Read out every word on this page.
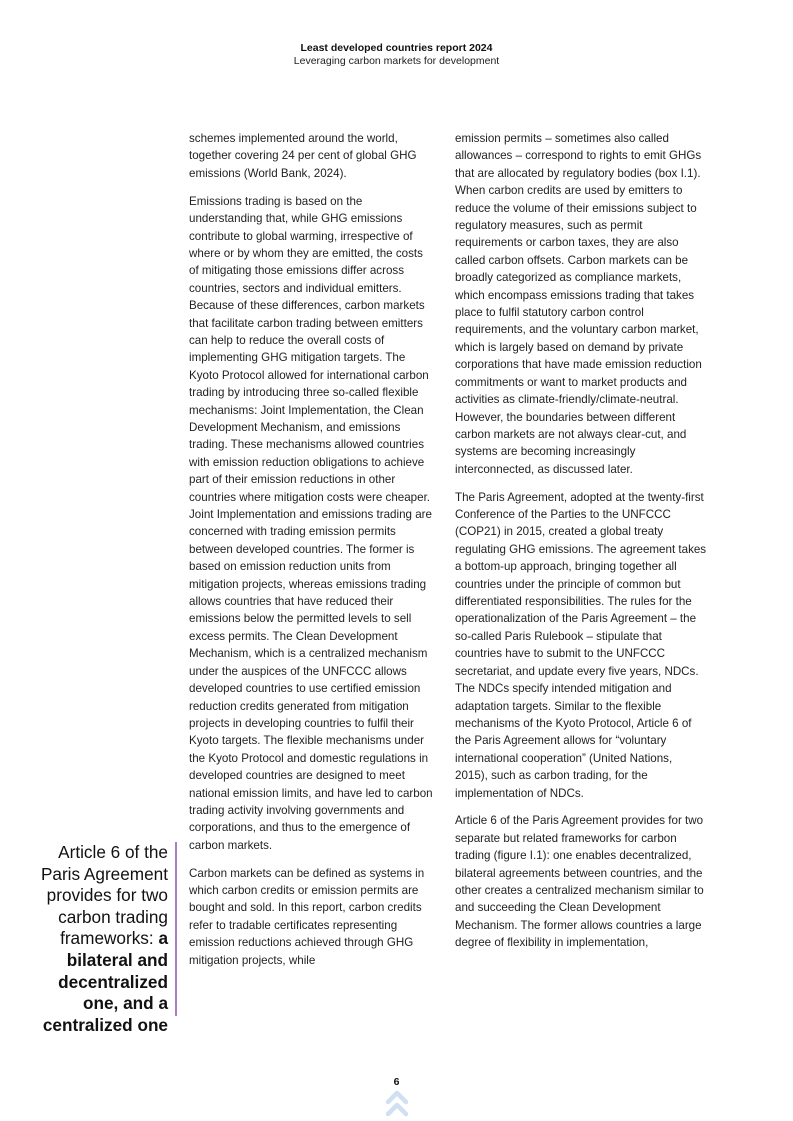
Least developed countries report 2024
Leveraging carbon markets for development

schemes implemented around the world, together covering 24 per cent of global GHG emissions (World Bank, 2024).

Emissions trading is based on the understanding that, while GHG emissions contribute to global warming, irrespective of where or by whom they are emitted, the costs of mitigating those emissions differ across countries, sectors and individual emitters. Because of these differences, carbon markets that facilitate carbon trading between emitters can help to reduce the overall costs of implementing GHG mitigation targets. The Kyoto Protocol allowed for international carbon trading by introducing three so-called flexible mechanisms: Joint Implementation, the Clean Development Mechanism, and emissions trading. These mechanisms allowed countries with emission reduction obligations to achieve part of their emission reductions in other countries where mitigation costs were cheaper. Joint Implementation and emissions trading are concerned with trading emission permits between developed countries. The former is based on emission reduction units from mitigation projects, whereas emissions trading allows countries that have reduced their emissions below the permitted levels to sell excess permits. The Clean Development Mechanism, which is a centralized mechanism under the auspices of the UNFCCC allows developed countries to use certified emission reduction credits generated from mitigation projects in developing countries to fulfil their Kyoto targets. The flexible mechanisms under the Kyoto Protocol and domestic regulations in developed countries are designed to meet national emission limits, and have led to carbon trading activity involving governments and corporations, and thus to the emergence of carbon markets.

Carbon markets can be defined as systems in which carbon credits or emission permits are bought and sold. In this report, carbon credits refer to tradable certificates representing emission reductions achieved through GHG mitigation projects, while

emission permits – sometimes also called allowances – correspond to rights to emit GHGs that are allocated by regulatory bodies (box I.1). When carbon credits are used by emitters to reduce the volume of their emissions subject to regulatory measures, such as permit requirements or carbon taxes, they are also called carbon offsets. Carbon markets can be broadly categorized as compliance markets, which encompass emissions trading that takes place to fulfil statutory carbon control requirements, and the voluntary carbon market, which is largely based on demand by private corporations that have made emission reduction commitments or want to market products and activities as climate-friendly/climate-neutral. However, the boundaries between different carbon markets are not always clear-cut, and systems are becoming increasingly interconnected, as discussed later.

The Paris Agreement, adopted at the twenty-first Conference of the Parties to the UNFCCC (COP21) in 2015, created a global treaty regulating GHG emissions. The agreement takes a bottom-up approach, bringing together all countries under the principle of common but differentiated responsibilities. The rules for the operationalization of the Paris Agreement – the so-called Paris Rulebook – stipulate that countries have to submit to the UNFCCC secretariat, and update every five years, NDCs. The NDCs specify intended mitigation and adaptation targets. Similar to the flexible mechanisms of the Kyoto Protocol, Article 6 of the Paris Agreement allows for “voluntary international cooperation” (United Nations, 2015), such as carbon trading, for the implementation of NDCs.

Article 6 of the Paris Agreement provides for two separate but related frameworks for carbon trading (figure I.1): one enables decentralized, bilateral agreements between countries, and the other creates a centralized mechanism similar to and succeeding the Clean Development Mechanism. The former allows countries a large degree of flexibility in implementation,

Article 6 of the Paris Agreement provides for two carbon trading frameworks: a bilateral and decentralized one, and a centralized one
6
